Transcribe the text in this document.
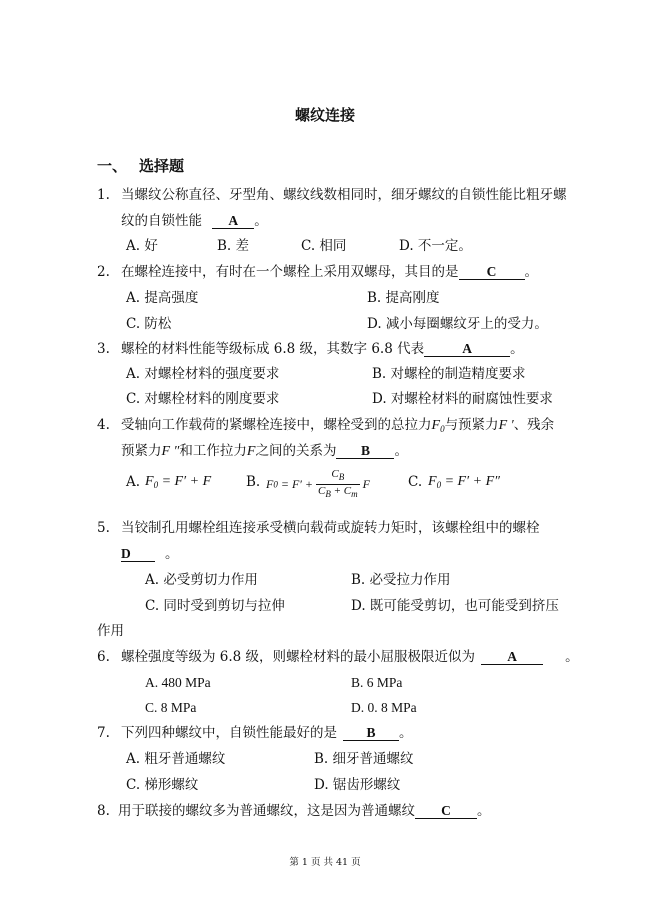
螺纹连接
一、 选择题
1. 当螺纹公称直径、牙型角、螺纹线数相同时，细牙螺纹的自锁性能比粗牙螺
纹的自锁性能 A 。
A. 好	B. 差	C. 相同	D. 不一定。
2. 在螺栓连接中，有时在一个螺栓上采用双螺母，其目的是 C 。
A. 提高强度	B. 提高刚度
C. 防松	D. 减小每圈螺纹牙上的受力。
3. 螺栓的材料性能等级标成 6.8 级，其数字 6.8 代表	A	。
A. 对螺栓材料的强度要求	B. 对螺栓的制造精度要求
C. 对螺栓材料的刚度要求	D. 对螺栓材料的耐腐蚀性要求
4. 受轴向工作载荷的紧螺栓连接中，螺栓受到的总拉力$F_0$与预紧力F ′、残余
预紧力F ″和工作拉力F之间的关系为 B 。
A. $F_0 = F' + F$	B. $F0 = F' + \frac{C_B}{C_B + C_m}$ F	C. $F_0 = F' + F''$
5. 当铰制孔用螺栓组连接承受横向载荷或旋转力矩时，该螺栓组中的螺栓
D	。
A. 必受剪切力作用	B. 必受拉力作用
C. 同时受到剪切与拉伸	D. 既可能受剪切，也可能受到挤压
作用
6. 螺栓强度等级为 6.8 级，则螺栓材料的最小屈服极限近似为 A	。
A. 480 MPa	B. 6 MPa
C. 8 MPa	D. 0. 8 MPa
7. 下列四种螺纹中，自锁性能最好的是 B 。
A. 粗牙普通螺纹	B. 细牙普通螺纹
C. 梯形螺纹	D. 锯齿形螺纹
8. 用于联接的螺纹多为普通螺纹，这是因为普通螺纹 C 。
第 1 页 共 41 页
